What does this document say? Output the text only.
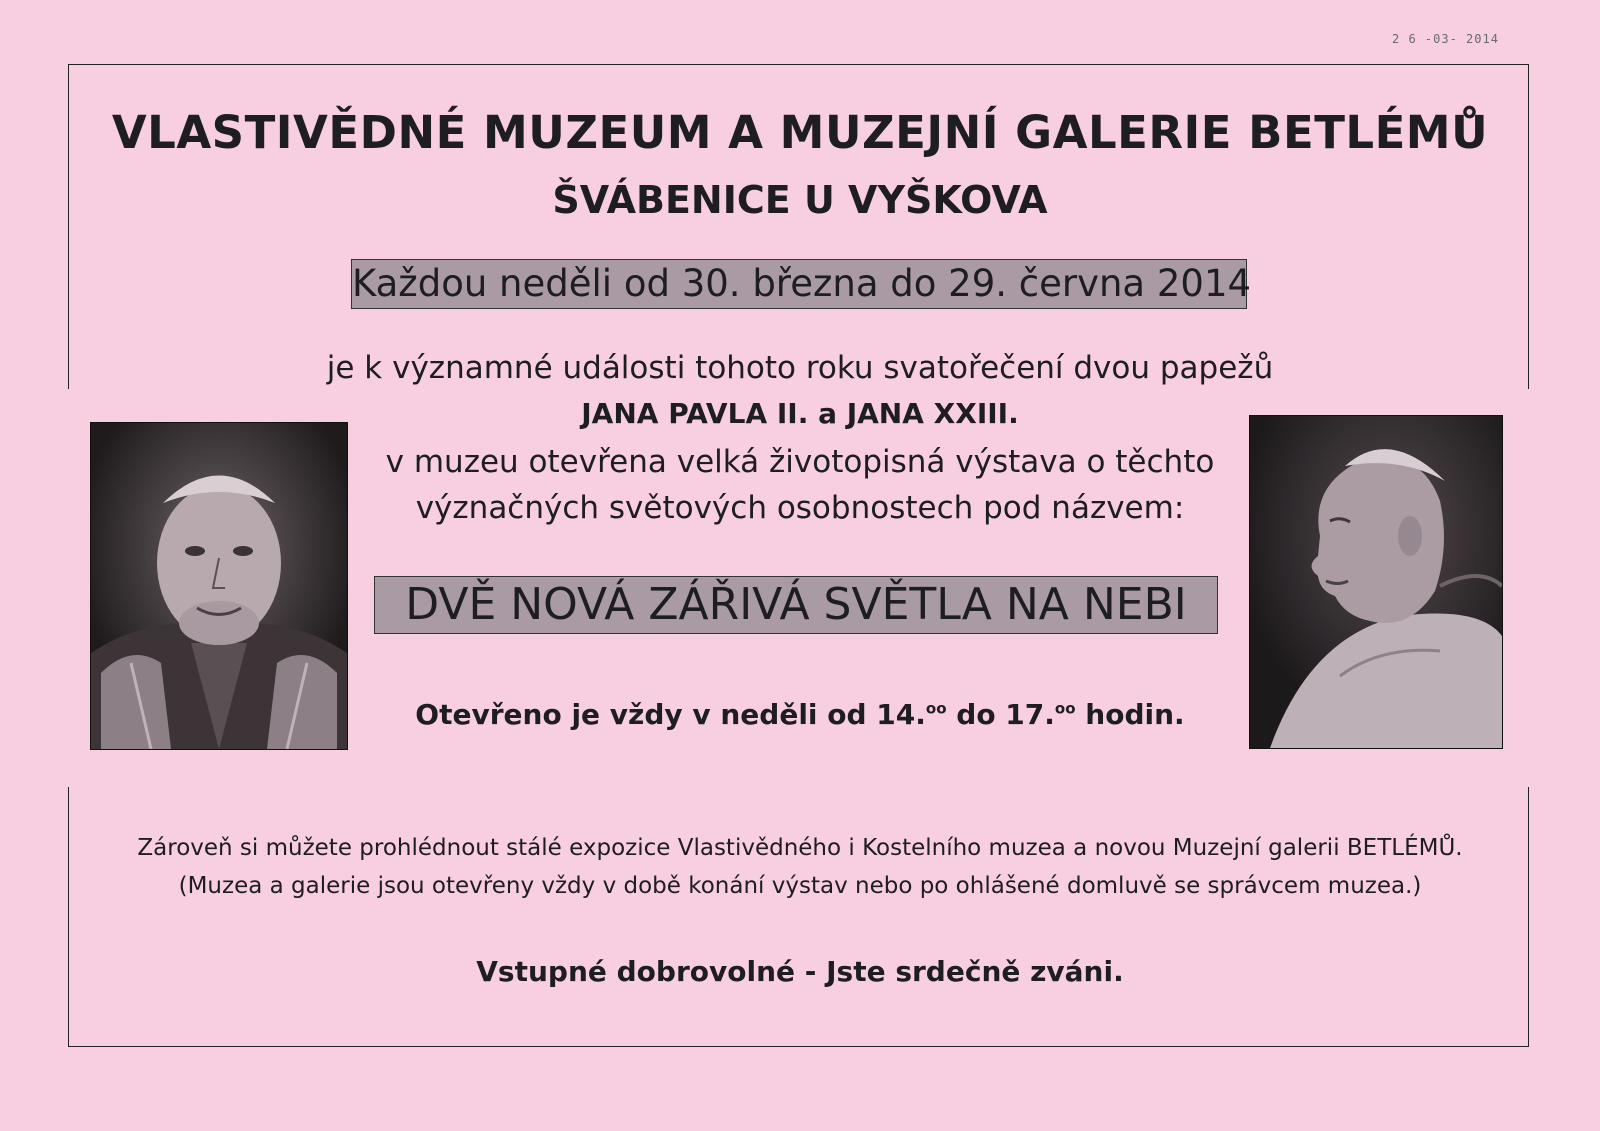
2 6 -03- 2014
VLASTIVĚDNÉ MUZEUM A MUZEJNÍ GALERIE BETLÉMŮ
ŠVÁBENICE U VYŠKOVA
Každou neděli od 30. března do 29. června 2014
je k významné události tohoto roku svatořečení dvou papežů
JANA PAVLA II. a JANA XXIII.
v muzeu otevřena velká životopisná výstava o těchto
význačných světových osobnostech pod názvem:
DVĚ NOVÁ ZÁŘIVÁ SVĚTLA NA NEBI
Otevřeno je vždy v neděli od 14.$^{oo}$ do 17.$^{oo}$ hodin.
Zároveň si můžete prohlédnout stálé expozice Vlastivědného i Kostelního muzea a novou Muzejní galerii BETLÉMŮ.
(Muzea a galerie jsou otevřeny vždy v době konání výstav nebo po ohlášené domluvě se správcem muzea.)
Vstupné dobrovolné - Jste srdečně zváni.
